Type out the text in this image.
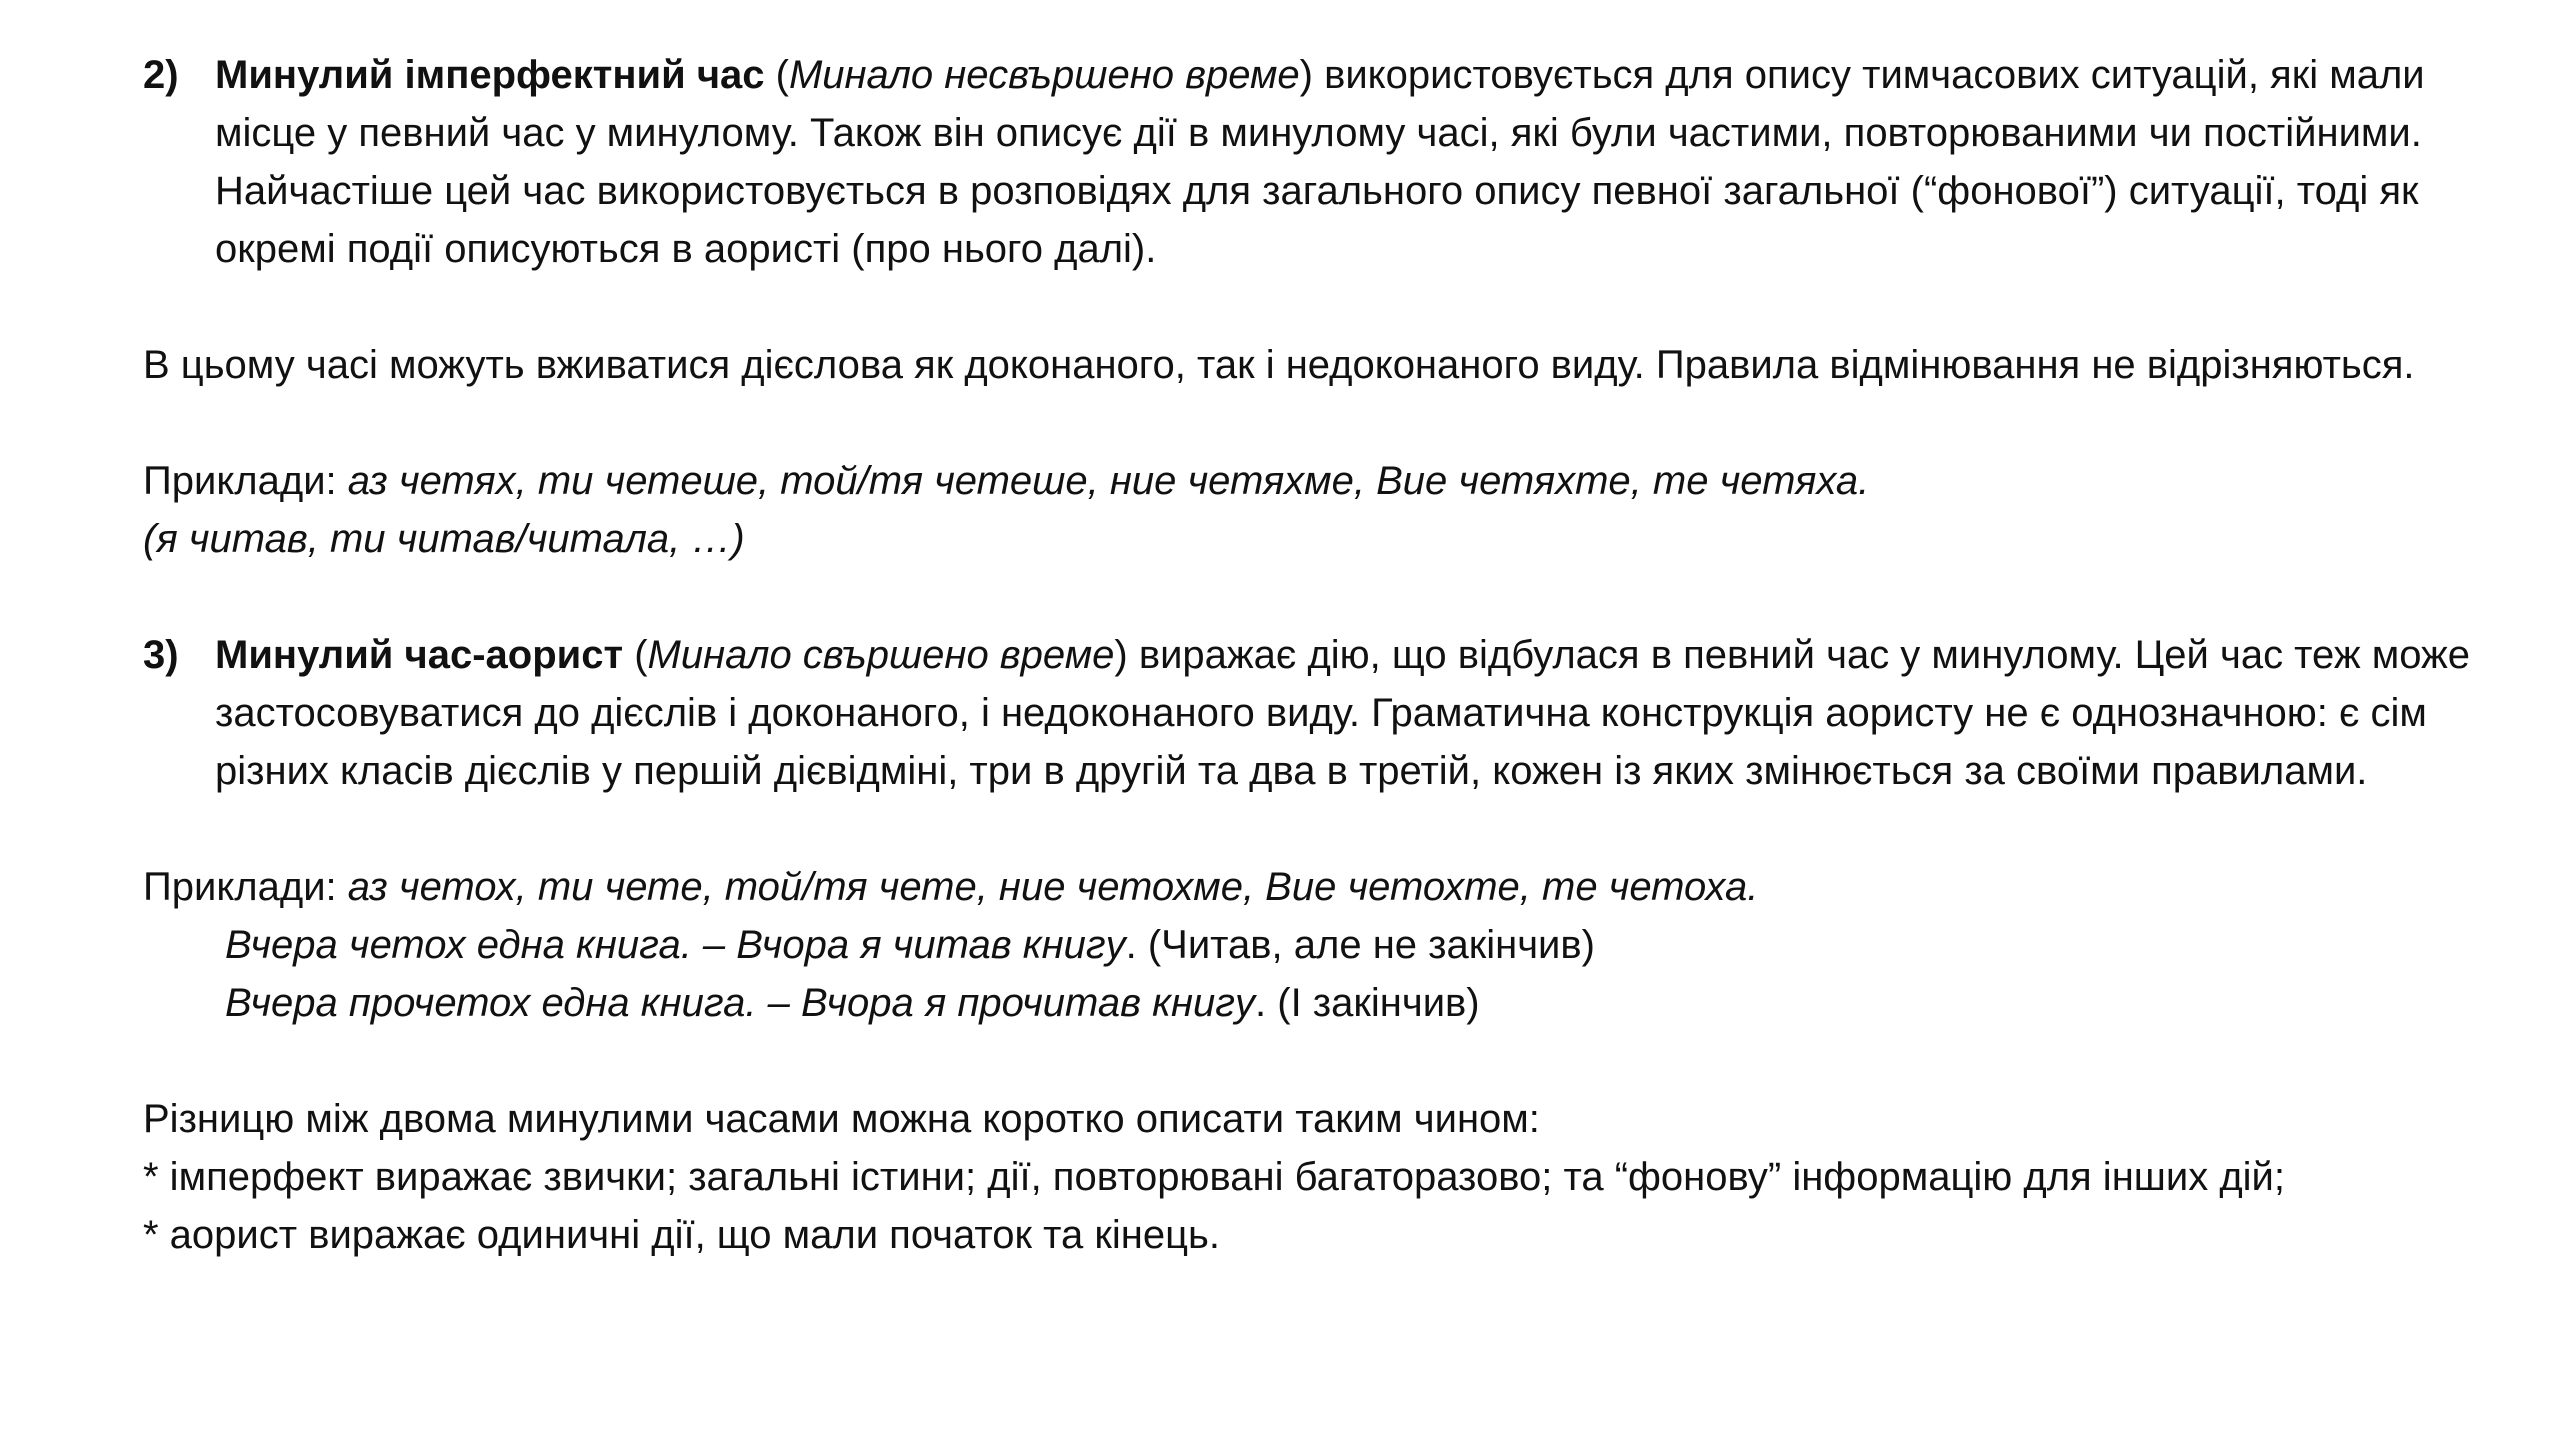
2) Минулий імперфектний час (Минало несвършено време) використовується для опису тимчасових ситуацій, які мали місце у певний час у минулому. Також він описує дії в минулому часі, які були частими, повторюваними чи постійними. Найчастіше цей час використовується в розповідях для загального опису певної загальної (“фонової”) ситуації, тоді як окремі події описуються в аористі (про нього далі).

В цьому часі можуть вживатися дієслова як доконаного, так і недоконаного виду. Правила відмінювання не відрізняються.

Приклади: аз четях, ти четеше, той/тя четеше, ние четяхме, Вие четяхте, те четяха.
(я читав, ти читав/читала, …)

3) Минулий час-аорист (Минало свършено време) виражає дію, що відбулася в певний час у минулому. Цей час теж може застосовуватися до дієслів і доконаного, і недоконаного виду. Граматична конструкція аористу не є однозначною: є сім різних класів дієслів у першій дієвідміні, три в другій та два в третій, кожен із яких змінюється за своїми правилами.

Приклади: аз четох, ти чете, той/тя чете, ние четохме, Вие четохте, те четоха.

Вчера четох една книга. – Вчора я читав книгу. (Читав, але не закінчив)

Вчера прочетох една книга. – Вчора я прочитав книгу. (І закінчив)

Різницю між двома минулими часами можна коротко описати таким чином:

* імперфект виражає звички; загальні істини; дії, повторювані багаторазово; та “фонову” інформацію для інших дій;

* аорист виражає одиничні дії, що мали початок та кінець.
